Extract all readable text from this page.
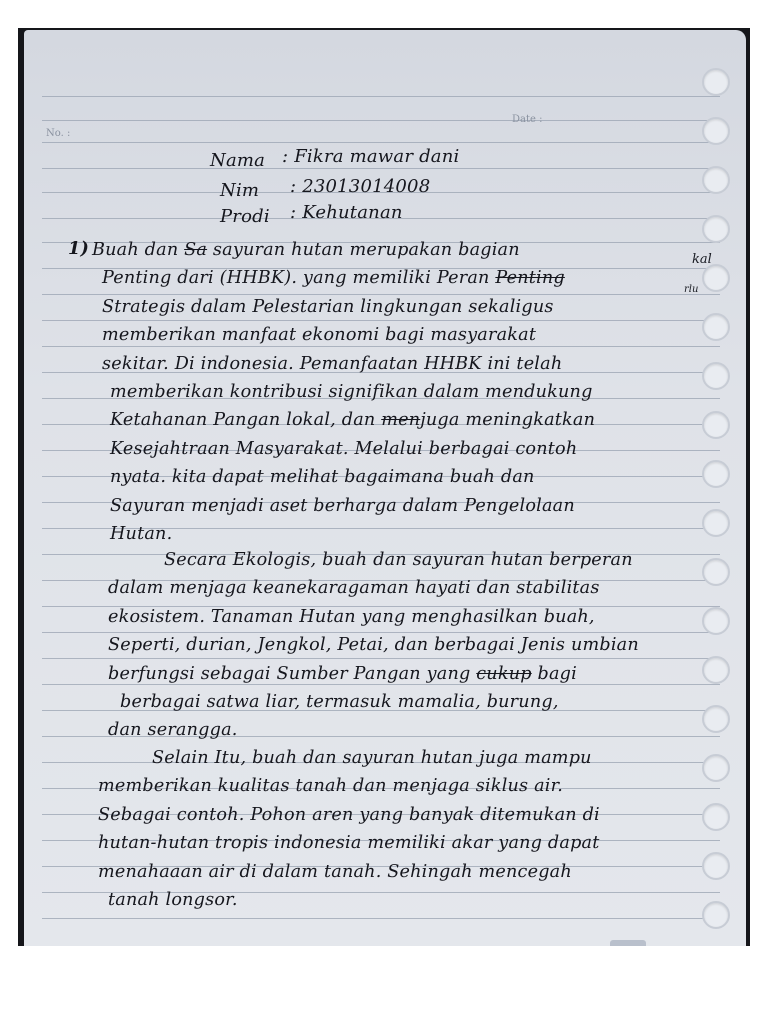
No. :
Date :
Nama : Fikra mawar dani
Nim : 23013014008
Prodi : Kehutanan
1) Buah dan Sa sayuran hutan merupakan bagian
Penting dari (HHBK). yang memiliki Peran Penting
Strategis dalam Pelestarian lingkungan sekaligus
memberikan manfaat ekonomi bagi masyarakat
sekitar. Di indonesia. Pemanfaatan HHBK ini telah
memberikan kontribusi signifikan dalam mendukung
Ketahanan Pangan lokal, dan menjuga meningkatkan
Kesejahtraan Masyarakat. Melalui berbagai contoh
nyata. kita dapat melihat bagaimana buah dan
Sayuran menjadi aset berharga dalam Pengelolaan
Hutan.
Secara Ekologis, buah dan sayuran hutan berperan
dalam menjaga keanekaragaman hayati dan stabilitas
ekosistem. Tanaman Hutan yang menghasilkan buah,
Seperti, durian, Jengkol, Petai, dan berbagai Jenis umbian
berfungsi sebagai Sumber Pangan yang cukup bagi
berbagai satwa liar, termasuk mamalia, burung,
dan serangga.
Selain Itu, buah dan sayuran hutan juga mampu
memberikan kualitas tanah dan menjaga siklus air.
Sebagai contoh. Pohon aren yang banyak ditemukan di
hutan-hutan tropis indonesia memiliki akar yang dapat
menahaaan air di dalam tanah. Sehingah mencegah
tanah longsor.
kal
rlu
